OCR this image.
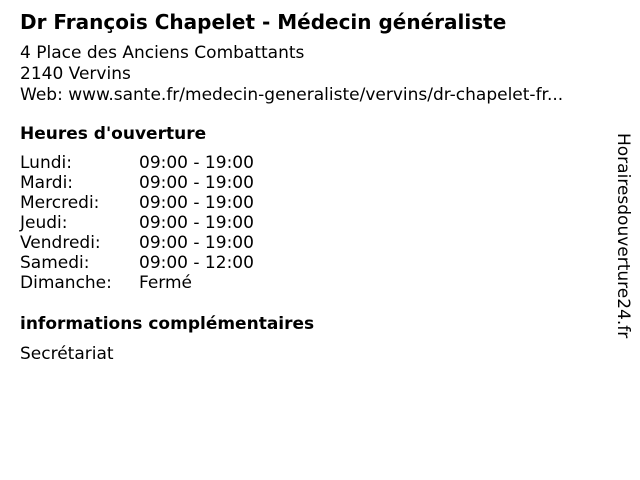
Dr François Chapelet - Médecin généraliste
4 Place des Anciens Combattants
2140 Vervins
Web: www.sante.fr/medecin-generaliste/vervins/dr-chapelet-fr...
Heures d'ouverture
Lundi:	09:00 - 19:00
Mardi:	09:00 - 19:00
Mercredi:	09:00 - 19:00
Jeudi:	09:00 - 19:00
Vendredi:	09:00 - 19:00
Samedi:	09:00 - 12:00
Dimanche:	Fermé
informations complémentaires
Secrétariat
Horairesdouverture24.fr
